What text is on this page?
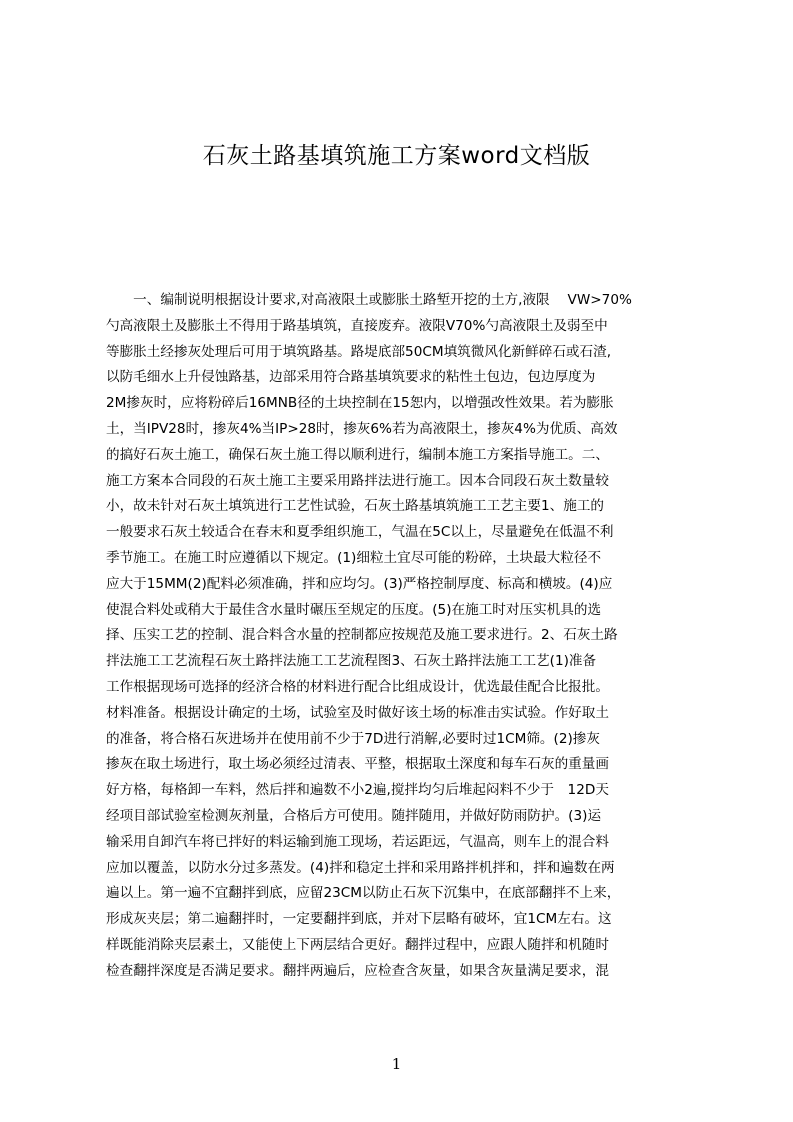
石灰土路基填筑施工方案word文档版
　　一、编制说明根据设计要求,对高液限土或膨胀土路堑开挖的土方,液限　 VW>70%
勺高液限土及膨胀土不得用于路基填筑，直接废弃。液限V70%勺高液限土及弱至中
等膨胀土经掺灰处理后可用于填筑路基。路堤底部50CM填筑微风化新鲜碎石或石渣,
以防毛细水上升侵蚀路基，边部采用符合路基填筑要求的粘性土包边，包边厚度为
2M掺灰时，应将粉碎后16MNB径的土块控制在15恕内，以增强改性效果。若为膨胀
土，当IPV28时，掺灰4%当IP>28时，掺灰6%若为高液限土，掺灰4%为优质、高效
的搞好石灰土施工，确保石灰土施工得以顺利进行，编制本施工方案指导施工。二、
施工方案本合同段的石灰土施工主要采用路拌法进行施工。因本合同段石灰土数量较
小，故未针对石灰土填筑进行工艺性试验，石灰土路基填筑施工工艺主要1、施工的
一般要求石灰土较适合在春末和夏季组织施工，气温在5C以上，尽量避免在低温不利
季节施工。在施工时应遵循以下规定。(1)细粒土宜尽可能的粉碎，土块最大粒径不
应大于15MM(2)配料必须准确，拌和应均匀。(3)严格控制厚度、标高和横坡。(4)应
使混合料处或稍大于最佳含水量时碾压至规定的压度。(5)在施工时对压实机具的选
择、压实工艺的控制、混合料含水量的控制都应按规范及施工要求进行。2、石灰土路
拌法施工工艺流程石灰土路拌法施工工艺流程图3、石灰土路拌法施工工艺(1)准备
工作根据现场可选择的经济合格的材料进行配合比组成设计，优选最佳配合比报批。
材料准备。根据设计确定的土场，试验室及时做好该土场的标准击实试验。作好取土
的准备，将合格石灰进场并在使用前不少于7D进行消解,必要时过1CM筛。(2)掺灰
掺灰在取土场进行，取土场必须经过清表、平整，根据取土深度和每车石灰的重量画
好方格，每格卸一车料，然后拌和遍数不小2遍,搅拌均匀后堆起闷料不少于　12D天
经项目部试验室检测灰剂量，合格后方可使用。随拌随用，并做好防雨防护。(3)运
输采用自卸汽车将已拌好的料运输到施工现场，若运距远，气温高，则车上的混合料
应加以覆盖，以防水分过多蒸发。(4)拌和稳定土拌和采用路拌机拌和，拌和遍数在两
遍以上。第一遍不宜翻拌到底，应留23CM以防止石灰下沉集中，在底部翻拌不上来，
形成灰夹层；第二遍翻拌时，一定要翻拌到底，并对下层略有破坏，宜1CM左右。这
样既能消除夹层素土，又能使上下两层结合更好。翻拌过程中，应跟人随拌和机随时
检查翻拌深度是否满足要求。翻拌两遍后，应检查含灰量，如果含灰量满足要求，混
1
